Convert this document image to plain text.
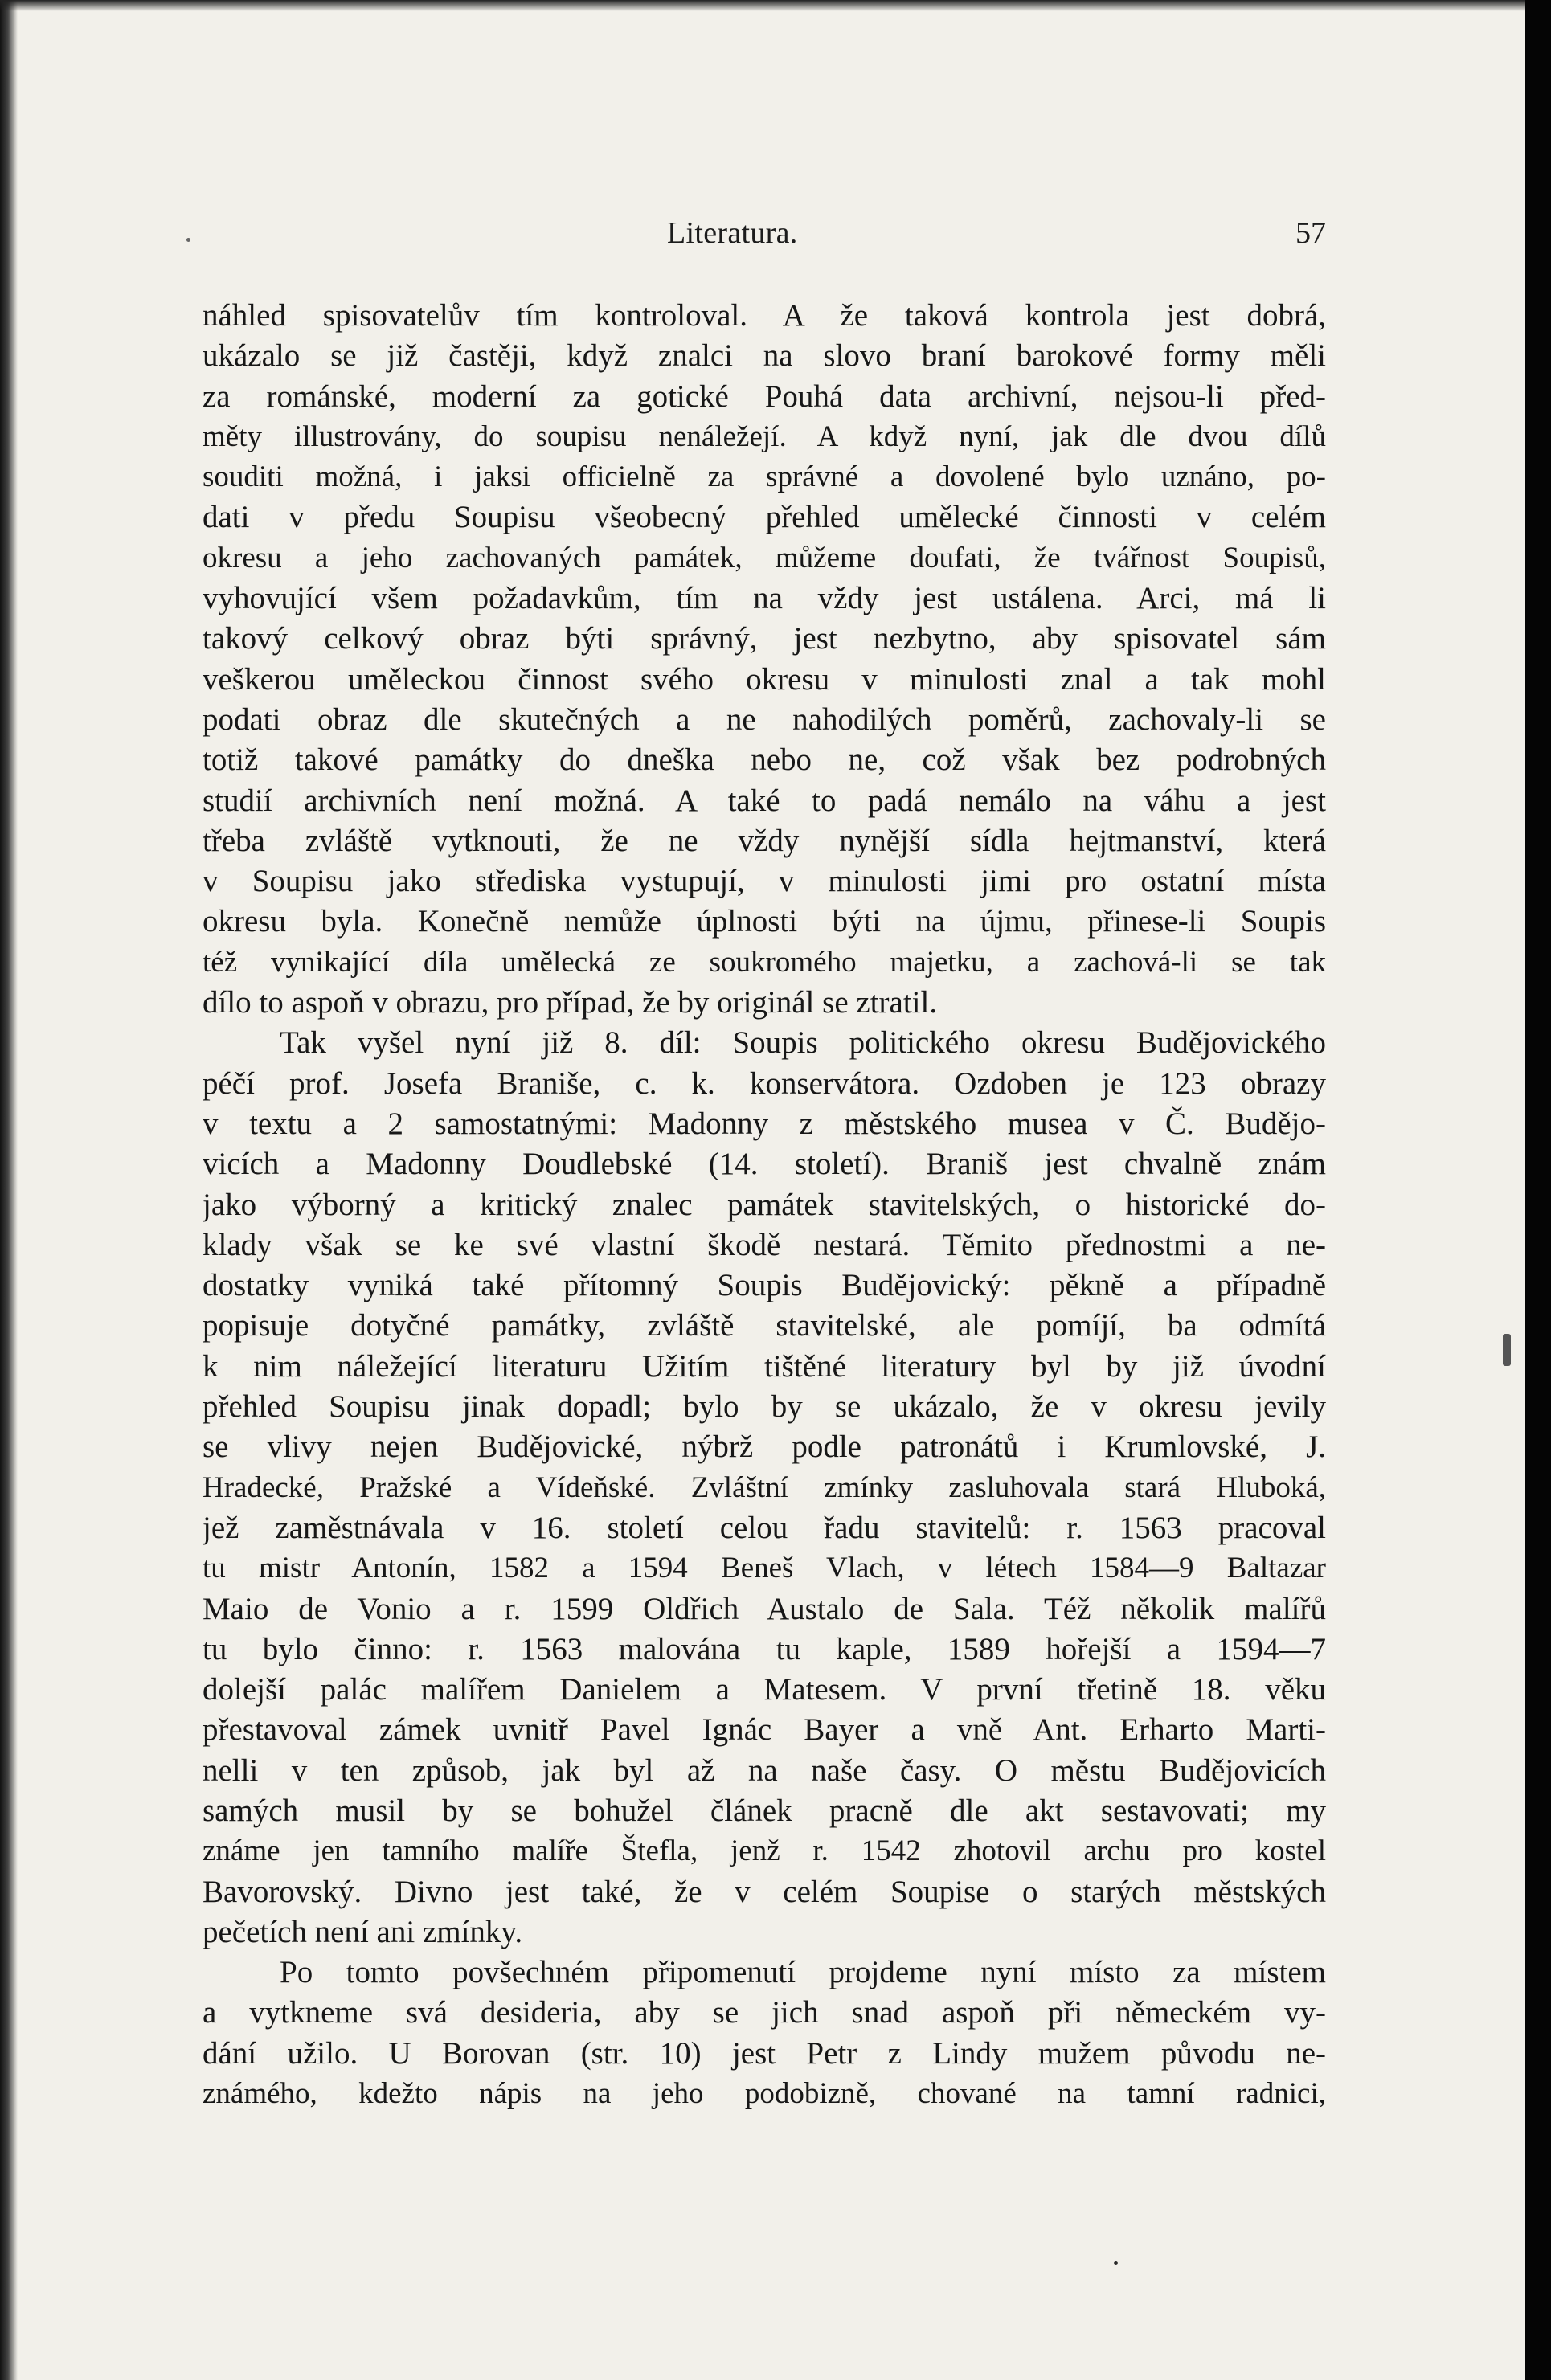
Literatura.	57
náhled spisovatelův tím kontroloval. A že taková kontrola jest dobrá,
ukázalo se již častěji, když znalci na slovo braní barokové formy měli
za románské, moderní za gotické Pouhá data archivní, nejsou-li před-
měty illustrovány, do soupisu nenáležejí. A když nyní, jak dle dvou dílů
souditi možná, i jaksi officielně za správné a dovolené bylo uznáno, po-
dati v předu Soupisu všeobecný přehled umělecké činnosti v celém
okresu a jeho zachovaných památek, můžeme doufati, že tvářnost Soupisů,
vyhovující všem požadavkům, tím na vždy jest ustálena. Arci, má li
takový celkový obraz býti správný, jest nezbytno, aby spisovatel sám
veškerou uměleckou činnost svého okresu v minulosti znal a tak mohl
podati obraz dle skutečných a ne nahodilých poměrů, zachovaly-li se
totiž takové památky do dneška nebo ne, což však bez podrobných
studií archivních není možná. A také to padá nemálo na váhu a jest
třeba zvláště vytknouti, že ne vždy nynější sídla hejtmanství, která
v Soupisu jako střediska vystupují, v minulosti jimi pro ostatní místa
okresu byla. Konečně nemůže úplnosti býti na újmu, přinese-li Soupis
též vynikající díla umělecká ze soukromého majetku, a zachová-li se tak
dílo to aspoň v obrazu, pro případ, že by originál se ztratil.
Tak vyšel nyní již 8. díl: Soupis politického okresu Budějovického
péčí prof. Josefa Braniše, c. k. konservátora. Ozdoben je 123 obrazy
v textu a 2 samostatnými: Madonny z městského musea v Č. Budějo-
vicích a Madonny Doudlebské (14. století). Braniš jest chvalně znám
jako výborný a kritický znalec památek stavitelských, o historické do-
klady však se ke své vlastní škodě nestará. Těmito přednostmi a ne-
dostatky vyniká také přítomný Soupis Budějovický: pěkně a případně
popisuje dotyčné památky, zvláště stavitelské, ale pomíjí, ba odmítá
k nim náležející literaturu Užitím tištěné literatury byl by již úvodní
přehled Soupisu jinak dopadl; bylo by se ukázalo, že v okresu jevily
se vlivy nejen Budějovické, nýbrž podle patronátů i Krumlovské, J.
Hradecké, Pražské a Vídeňské. Zvláštní zmínky zasluhovala stará Hluboká,
jež zaměstnávala v 16. století celou řadu stavitelů: r. 1563 pracoval
tu mistr Antonín, 1582 a 1594 Beneš Vlach, v létech 1584—9 Baltazar
Maio de Vonio a r. 1599 Oldřich Austalo de Sala. Též několik malířů
tu bylo činno: r. 1563 malována tu kaple, 1589 hořejší a 1594—7
dolejší palác malířem Danielem a Matesem. V první třetině 18. věku
přestavoval zámek uvnitř Pavel Ignác Bayer a vně Ant. Erharto Marti-
nelli v ten způsob, jak byl až na naše časy. O městu Budějovicích
samých musil by se bohužel článek pracně dle akt sestavovati; my
známe jen tamního malíře Štefla, jenž r. 1542 zhotovil archu pro kostel
Bavorovský. Divno jest také, že v celém Soupise o starých městských
pečetích není ani zmínky.
Po tomto povšechném připomenutí projdeme nyní místo za místem
a vytkneme svá desideria, aby se jich snad aspoň při německém vy-
dání užilo. U Borovan (str. 10) jest Petr z Lindy mužem původu ne-
známého, kdežto nápis na jeho podobizně, chované na tamní radnici,
